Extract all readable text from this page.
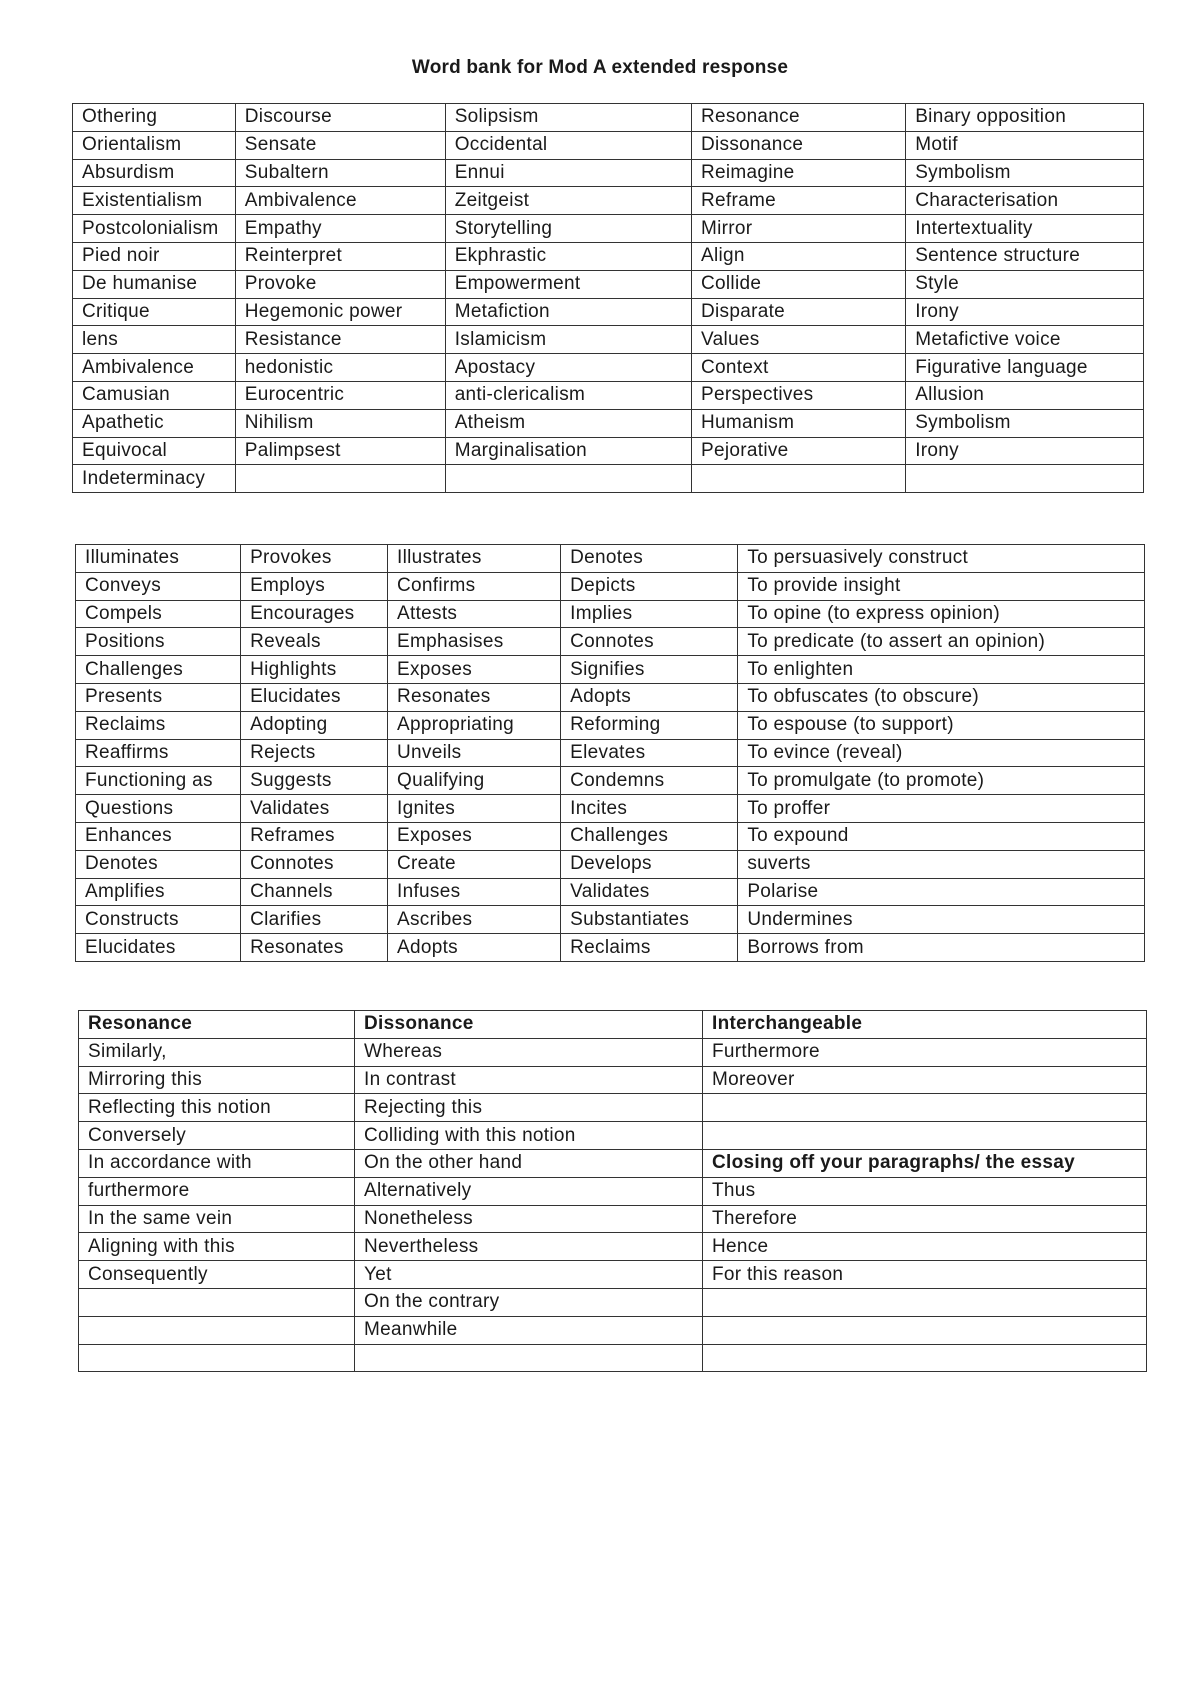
Word bank for Mod A extended response
Othering	Discourse	Solipsism	Resonance	Binary opposition
Orientalism	Sensate	Occidental	Dissonance	Motif
Absurdism	Subaltern	Ennui	Reimagine	Symbolism
Existentialism	Ambivalence	Zeitgeist	Reframe	Characterisation
Postcolonialism	Empathy	Storytelling	Mirror	Intertextuality
Pied noir	Reinterpret	Ekphrastic	Align	Sentence structure
De humanise	Provoke	Empowerment	Collide	Style
Critique	Hegemonic power	Metafiction	Disparate	Irony
lens	Resistance	Islamicism	Values	Metafictive voice
Ambivalence	hedonistic	Apostacy	Context	Figurative language
Camusian	Eurocentric	anti-clericalism	Perspectives	Allusion
Apathetic	Nihilism	Atheism	Humanism	Symbolism
Equivocal	Palimpsest	Marginalisation	Pejorative	Irony
Indeterminacy				
Illuminates	Provokes	Illustrates	Denotes	To persuasively construct
Conveys	Employs	Confirms	Depicts	To provide insight
Compels	Encourages	Attests	Implies	To opine (to express opinion)
Positions	Reveals	Emphasises	Connotes	To predicate (to assert an opinion)
Challenges	Highlights	Exposes	Signifies	To enlighten
Presents	Elucidates	Resonates	Adopts	To obfuscates (to obscure)
Reclaims	Adopting	Appropriating	Reforming	To espouse (to support)
Reaffirms	Rejects	Unveils	Elevates	To evince (reveal)
Functioning as	Suggests	Qualifying	Condemns	To promulgate (to promote)
Questions	Validates	Ignites	Incites	To proffer
Enhances	Reframes	Exposes	Challenges	To expound
Denotes	Connotes	Create	Develops	suverts
Amplifies	Channels	Infuses	Validates	Polarise
Constructs	Clarifies	Ascribes	Substantiates	Undermines
Elucidates	Resonates	Adopts	Reclaims	Borrows from
Resonance	Dissonance	Interchangeable
Similarly,	Whereas	Furthermore
Mirroring this	In contrast	Moreover
Reflecting this notion	Rejecting this	
Conversely	Colliding with this notion	
In accordance with	On the other hand	Closing off your paragraphs/ the essay
furthermore	Alternatively	Thus
In the same vein	Nonetheless	Therefore
Aligning with this	Nevertheless	Hence
Consequently	Yet	For this reason
	On the contrary	
	Meanwhile	
